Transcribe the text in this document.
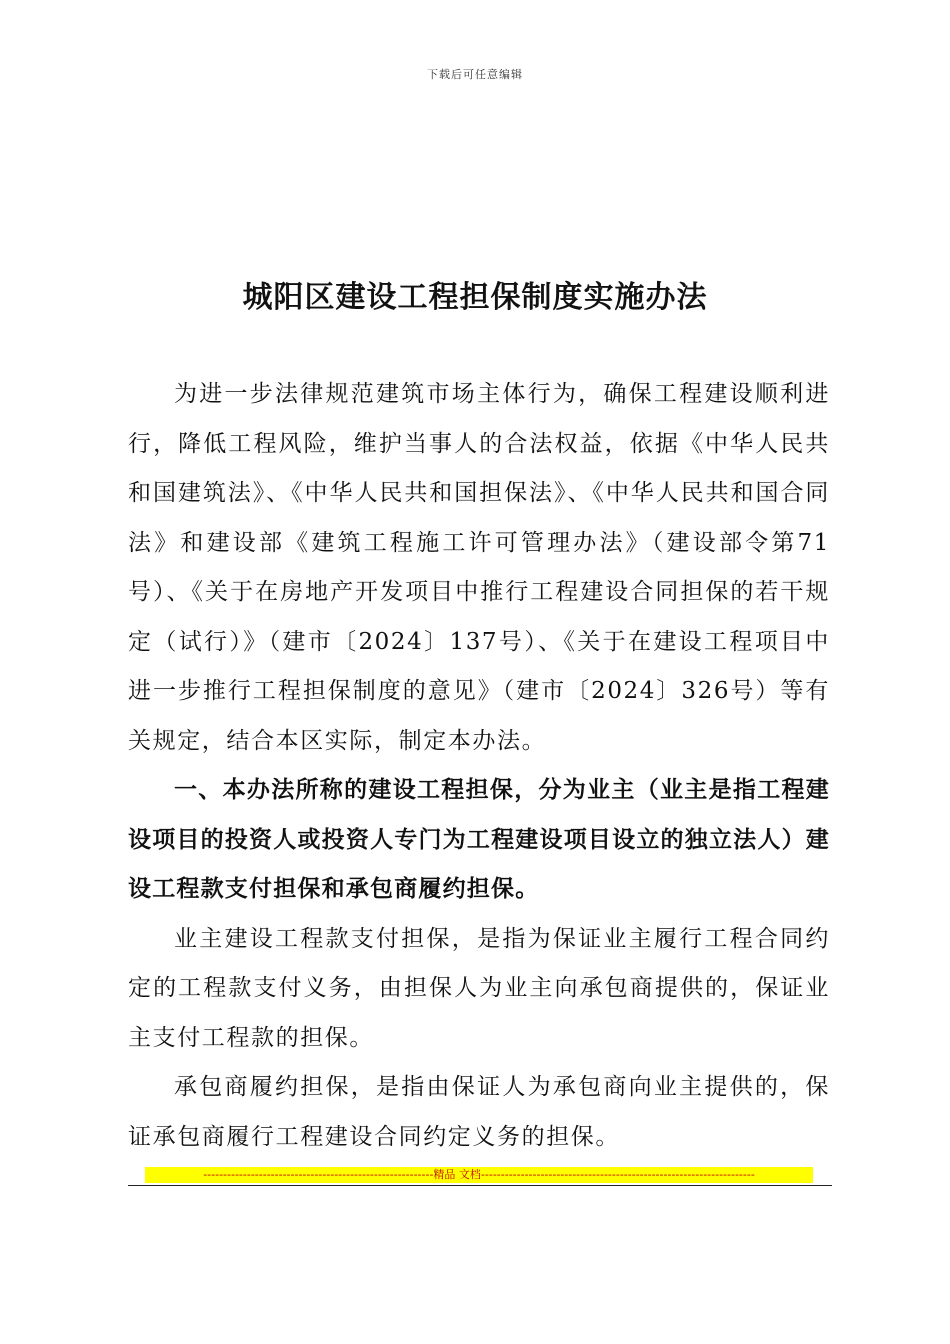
下载后可任意编辑
城阳区建设工程担保制度实施办法

为进一步法律规范建筑市场主体行为，确保工程建设顺利进行，降低工程风险，维护当事人的合法权益，依据《中华人民共和国建筑法》、《中华人民共和国担保法》、《中华人民共和国合同法》和建设部《建筑工程施工许可管理办法》（建设部令第71号）、《关于在房地产开发项目中推行工程建设合同担保的若干规定（试行）》（建市〔2024〕137号）、《关于在建设工程项目中进一步推行工程担保制度的意见》（建市〔2024〕326号）等有关规定，结合本区实际，制定本办法。

一、本办法所称的建设工程担保，分为业主（业主是指工程建设项目的投资人或投资人专门为工程建设项目设立的独立法人）建设工程款支付担保和承包商履约担保。

业主建设工程款支付担保，是指为保证业主履行工程合同约定的工程款支付义务，由担保人为业主向承包商提供的，保证业主支付工程款的担保。

承包商履约担保，是指由保证人为承包商向业主提供的，保证承包商履行工程建设合同约定义务的担保。

----------------------------------------------------------精品 文档---------------------------------------------------------------------
